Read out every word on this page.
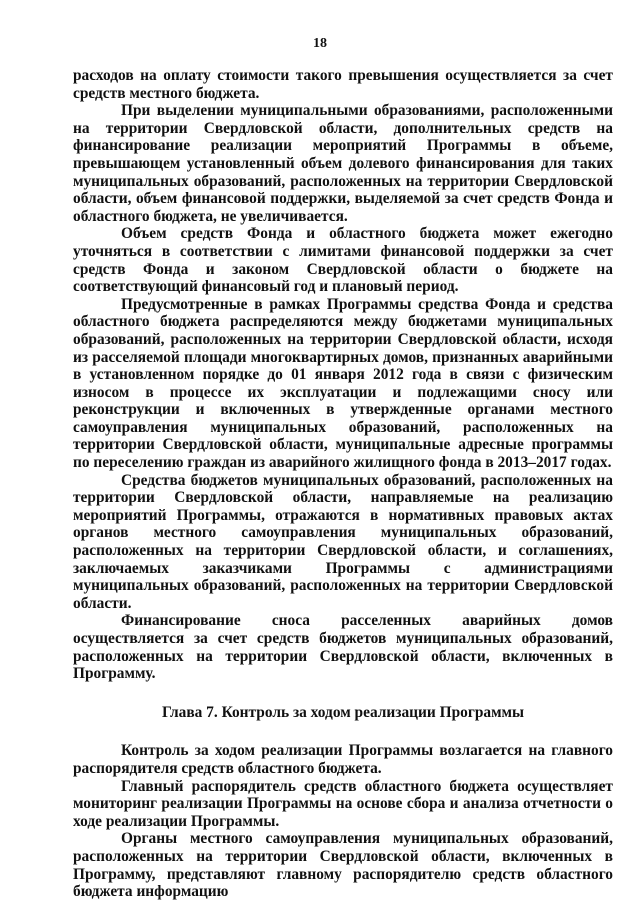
18

расходов на оплату стоимости такого превышения осуществляется за счет средств местного бюджета.

При выделении муниципальными образованиями, расположенными на территории Свердловской области, дополнительных средств на финансирование реализации мероприятий Программы в объеме, превышающем установленный объем долевого финансирования для таких муниципальных образований, расположенных на территории Свердловской области, объем финансовой поддержки, выделяемой за счет средств Фонда и областного бюджета, не увеличивается.

Объем средств Фонда и областного бюджета может ежегодно уточняться в соответствии с лимитами финансовой поддержки за счет средств Фонда и законом Свердловской области о бюджете на соответствующий финансовый год и плановый период.

Предусмотренные в рамках Программы средства Фонда и средства областного бюджета распределяются между бюджетами муниципальных образований, расположенных на территории Свердловской области, исходя из расселяемой площади многоквартирных домов, признанных аварийными в установленном порядке до 01 января 2012 года в связи с физическим износом в процессе их эксплуатации и подлежащими сносу или реконструкции и включенных в утвержденные органами местного самоуправления муниципальных образований, расположенных на территории Свердловской области, муниципальные адресные программы по переселению граждан из аварийного жилищного фонда в 2013–2017 годах.

Средства бюджетов муниципальных образований, расположенных на территории Свердловской области, направляемые на реализацию мероприятий Программы, отражаются в нормативных правовых актах органов местного самоуправления муниципальных образований, расположенных на территории Свердловской области, и соглашениях, заключаемых заказчиками Программы с администрациями муниципальных образований, расположенных на территории Свердловской области.

Финансирование сноса расселенных аварийных домов осуществляется за счет средств бюджетов муниципальных образований, расположенных на территории Свердловской области, включенных в Программу.

Глава 7. Контроль за ходом реализации Программы

Контроль за ходом реализации Программы возлагается на главного распорядителя средств областного бюджета.

Главный распорядитель средств областного бюджета осуществляет мониторинг реализации Программы на основе сбора и анализа отчетности о ходе реализации Программы.

Органы местного самоуправления муниципальных образований, расположенных на территории Свердловской области, включенных в Программу, представляют главному распорядителю средств областного бюджета информацию
